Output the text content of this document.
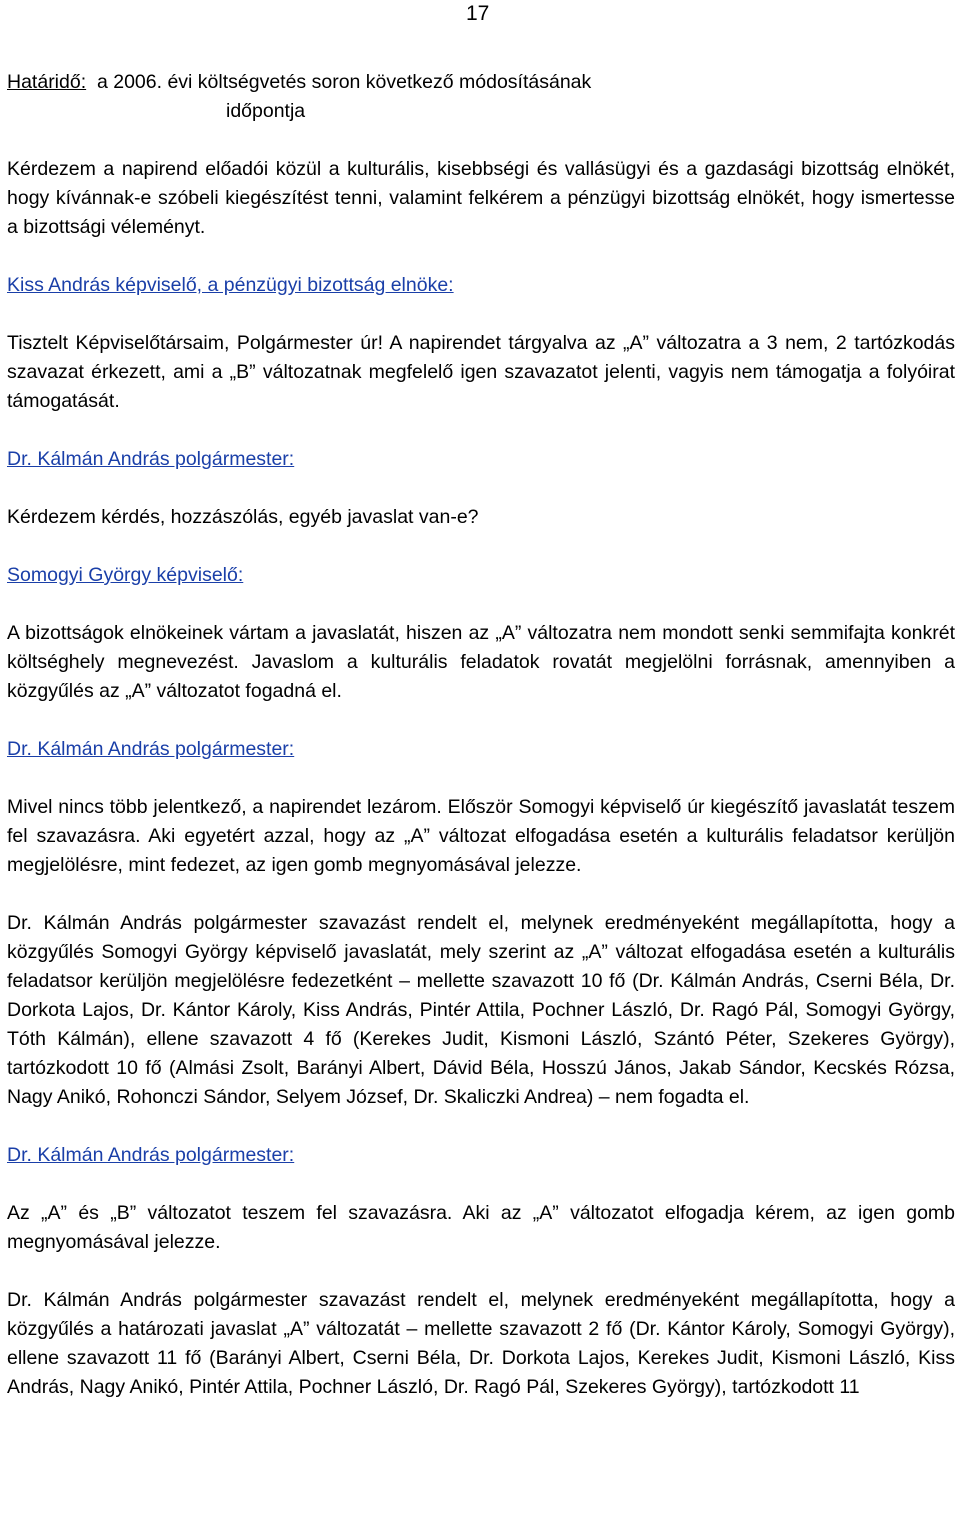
17

Határidő: a 2006. évi költségvetés soron következő módosításának
időpontja

Kérdezem a napirend előadói közül a kulturális, kisebbségi és vallásügyi és a gazdasági bizottság elnökét, hogy kívánnak-e szóbeli kiegészítést tenni, valamint felkérem a pénzügyi bizottság elnökét, hogy ismertesse a bizottsági véleményt.

Kiss András képviselő, a pénzügyi bizottság elnöke:

Tisztelt Képviselőtársaim, Polgármester úr! A napirendet tárgyalva az „A” változatra a 3 nem, 2 tartózkodás szavazat érkezett, ami a „B” változatnak megfelelő igen szavazatot jelenti, vagyis nem támogatja a folyóirat támogatását.

Dr. Kálmán András polgármester:

Kérdezem kérdés, hozzászólás, egyéb javaslat van-e?

Somogyi György képviselő:

A bizottságok elnökeinek vártam a javaslatát, hiszen az „A” változatra nem mondott senki semmifajta konkrét költséghely megnevezést. Javaslom a kulturális feladatok rovatát megjelölni forrásnak, amennyiben a közgyűlés az „A” változatot fogadná el.

Dr. Kálmán András polgármester:

Mivel nincs több jelentkező, a napirendet lezárom. Először Somogyi képviselő úr kiegészítő javaslatát teszem fel szavazásra. Aki egyetért azzal, hogy az „A” változat elfogadása esetén a kulturális feladatsor kerüljön megjelölésre, mint fedezet, az igen gomb megnyomásával jelezze.

Dr. Kálmán András polgármester szavazást rendelt el, melynek eredményeként megállapította, hogy a közgyűlés Somogyi György képviselő javaslatát, mely szerint az „A” változat elfogadása esetén a kulturális feladatsor kerüljön megjelölésre fedezetként – mellette szavazott 10 fő (Dr. Kálmán András, Cserni Béla, Dr. Dorkota Lajos, Dr. Kántor Károly, Kiss András, Pintér Attila, Pochner László, Dr. Ragó Pál, Somogyi György, Tóth Kálmán), ellene szavazott 4 fő (Kerekes Judit, Kismoni László, Szántó Péter, Szekeres György), tartózkodott 10 fő (Almási Zsolt, Barányi Albert, Dávid Béla, Hosszú János, Jakab Sándor, Kecskés Rózsa, Nagy Anikó, Rohonczi Sándor, Selyem József, Dr. Skaliczki Andrea) – nem fogadta el.

Dr. Kálmán András polgármester:

Az „A” és „B” változatot teszem fel szavazásra. Aki az „A” változatot elfogadja kérem, az igen gomb megnyomásával jelezze.

Dr. Kálmán András polgármester szavazást rendelt el, melynek eredményeként megállapította, hogy a közgyűlés a határozati javaslat „A” változatát – mellette szavazott 2 fő (Dr. Kántor Károly, Somogyi György), ellene szavazott 11 fő (Barányi Albert, Cserni Béla, Dr. Dorkota Lajos, Kerekes Judit, Kismoni László, Kiss András, Nagy Anikó, Pintér Attila, Pochner László, Dr. Ragó Pál, Szekeres György), tartózkodott 11
